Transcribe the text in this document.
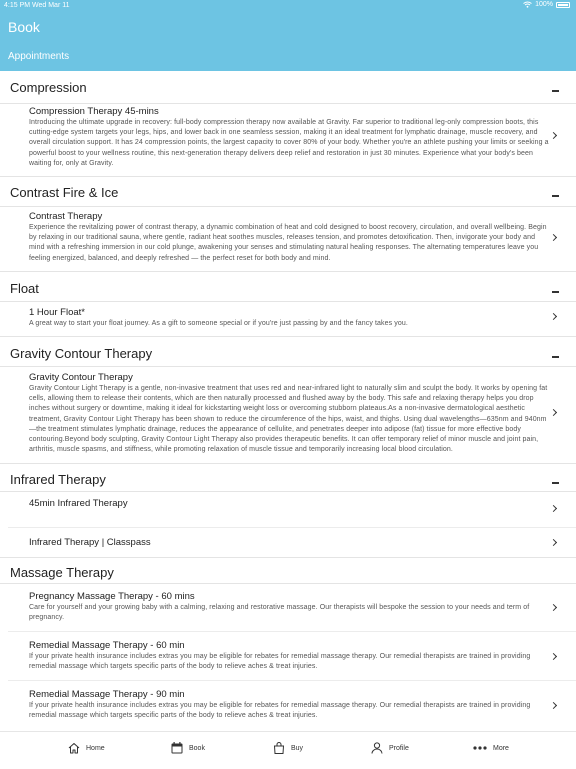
4:15 PM Wed Mar 11	100%
Book
Appointments
Compression
Compression Therapy 45-mins
Introducing the ultimate upgrade in recovery: full-body compression therapy now available at Gravity. Far superior to traditional leg-only compression boots, this cutting-edge system targets your legs, hips, and lower back in one seamless session, making it an ideal treatment for lymphatic drainage, muscle recovery, and overall circulation support. It has 24 compression points, the largest capacity to cover 80% of your body. Whether you're an athlete pushing your limits or seeking a powerful boost to your wellness routine, this next-generation therapy delivers deep relief and restoration in just 30 minutes. Experience what your body's been waiting for, only at Gravity.
Contrast Fire & Ice
Contrast Therapy
Experience the revitalizing power of contrast therapy, a dynamic combination of heat and cold designed to boost recovery, circulation, and overall wellbeing. Begin by relaxing in our traditional sauna, where gentle, radiant heat soothes muscles, releases tension, and promotes detoxification. Then, invigorate your body and mind with a refreshing immersion in our cold plunge, awakening your senses and stimulating natural healing responses. The alternating temperatures leave you feeling energized, balanced, and deeply refreshed — the perfect reset for both body and mind.
Float
1 Hour Float*
A great way to start your float journey. As a gift to someone special or if you're just passing by and the fancy takes you.
Gravity Contour Therapy
Gravity Contour Therapy
Gravity Contour Light Therapy is a gentle, non-invasive treatment that uses red and near-infrared light to naturally slim and sculpt the body. It works by opening fat cells, allowing them to release their contents, which are then naturally processed and flushed away by the body. This safe and relaxing therapy helps you drop inches without surgery or downtime, making it ideal for kickstarting weight loss or overcoming stubborn plateaus.As a non-invasive dermatological aesthetic treatment, Gravity Contour Light Therapy has been shown to reduce the circumference of the hips, waist, and thighs. Using dual wavelengths—635nm and 940nm—the treatment stimulates lymphatic drainage, reduces the appearance of cellulite, and penetrates deeper into adipose (fat) tissue for more effective body contouring.Beyond body sculpting, Gravity Contour Light Therapy also provides therapeutic benefits. It can offer temporary relief of minor muscle and joint pain, arthritis, muscle spasms, and stiffness, while promoting relaxation of muscle tissue and temporarily increasing local blood circulation.
Infrared Therapy
45min Infrared Therapy
Infrared Therapy | Classpass
Massage Therapy
Pregnancy Massage Therapy - 60 mins
Care for yourself and your growing baby with a calming, relaxing and restorative massage. Our therapists will bespoke the session to your needs and term of pregnancy.
Remedial Massage Therapy - 60 min
If your private health insurance includes extras you may be eligible for rebates for remedial massage therapy. Our remedial therapists are trained in providing remedial massage which targets specific parts of the body to relieve aches & treat injuries.
Remedial Massage Therapy - 90 min
If your private health insurance includes extras you may be eligible for rebates for remedial massage therapy. Our remedial therapists are trained in providing remedial massage which targets specific parts of the body to relieve aches & treat injuries.
Home	Book	Buy	Profile	More
